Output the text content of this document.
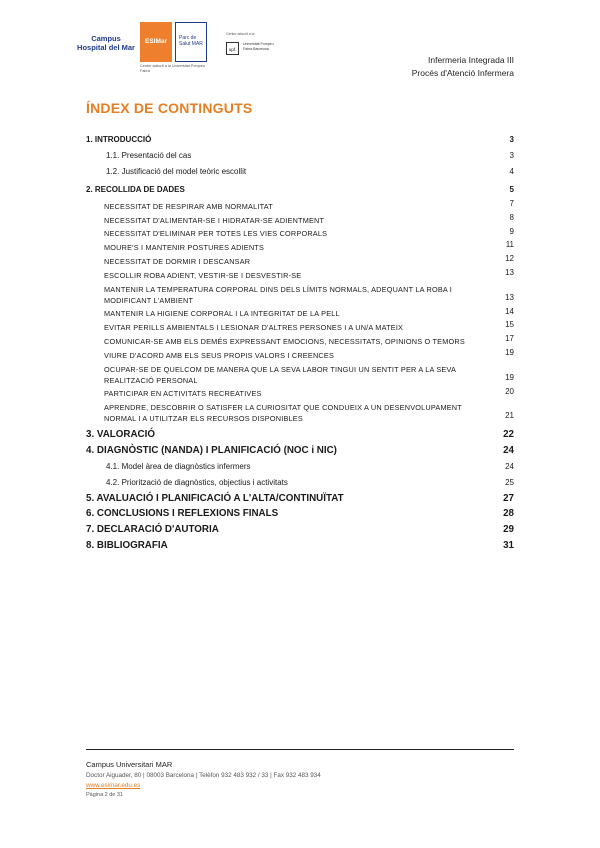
Campus Hospital del Mar
ESIMar	Parc de Salut MAR
Centre adscrit a la Universitat Pompeu Fabra
Centre adscrit a la
upf.
Universitat Pompeu Fabra Barcelona
Infermeria Integrada III
Procés d'Atenció Infermera
ÍNDEX DE CONTINGUTS
1. INTRODUCCIÓ	3
1.1. Presentació del cas	3
1.2. Justificació del model teòric escollit	4
2. RECOLLIDA DE DADES	5
NECESSITAT DE RESPIRAR AMB NORMALITAT	7
NECESSITAT D'ALIMENTAR-SE I HIDRATAR-SE ADIENTMENT	8
NECESSITAT D'ELIMINAR PER TOTES LES VIES CORPORALS	9
MOURE'S I MANTENIR POSTURES ADIENTS	11
NECESSITAT DE DORMIR I DESCANSAR	12
ESCOLLIR ROBA ADIENT, VESTIR-SE I DESVESTIR-SE	13
MANTENIR LA TEMPERATURA CORPORAL DINS DELS LÍMITS NORMALS, ADEQUANT LA ROBA I MODIFICANT L'AMBIENT	13
MANTENIR LA HIGIENE CORPORAL I LA INTEGRITAT DE LA PELL	14
EVITAR PERILLS AMBIENTALS I LESIONAR D'ALTRES PERSONES I A UN/A MATEIX	15
COMUNICAR-SE AMB ELS DEMÉS EXPRESSANT EMOCIONS, NECESSITATS, OPINIONS O TEMORS	17
VIURE D'ACORD AMB ELS SEUS PROPIS VALORS I CREENCES	19
OCUPAR-SE DE QUELCOM DE MANERA QUE LA SEVA LABOR TINGUI UN SENTIT PER A LA SEVA REALITZACIÓ PERSONAL	19
PARTICIPAR EN ACTIVITATS RECREATIVES	20
APRENDRE, DESCOBRIR O SATISFER LA CURIOSITAT QUE CONDUEIX A UN DESENVOLUPAMENT NORMAL I A UTILITZAR ELS RECURSOS DISPONIBLES	21
3. VALORACIÓ	22
4. DIAGNÒSTIC (NANDA) I PLANIFICACIÓ (NOC i NIC)	24
4.1. Model àrea de diagnòstics infermers	24
4.2. Priorització de diagnòstics, objectius i activitats	25
5. AVALUACIÓ I PLANIFICACIÓ A L'ALTA/CONTINUÏTAT	27
6. CONCLUSIONS I REFLEXIONS FINALS	28
7. DECLARACIÓ D'AUTORIA	29
8. BIBLIOGRAFIA	31
Campus Universitari MAR
Doctor Aiguader, 80 | 08003 Barcelona | Telèfon 932 483 932 / 33 | Fax 932 483 934
www.esimar.edu.es
Pàgina 2 de 31
